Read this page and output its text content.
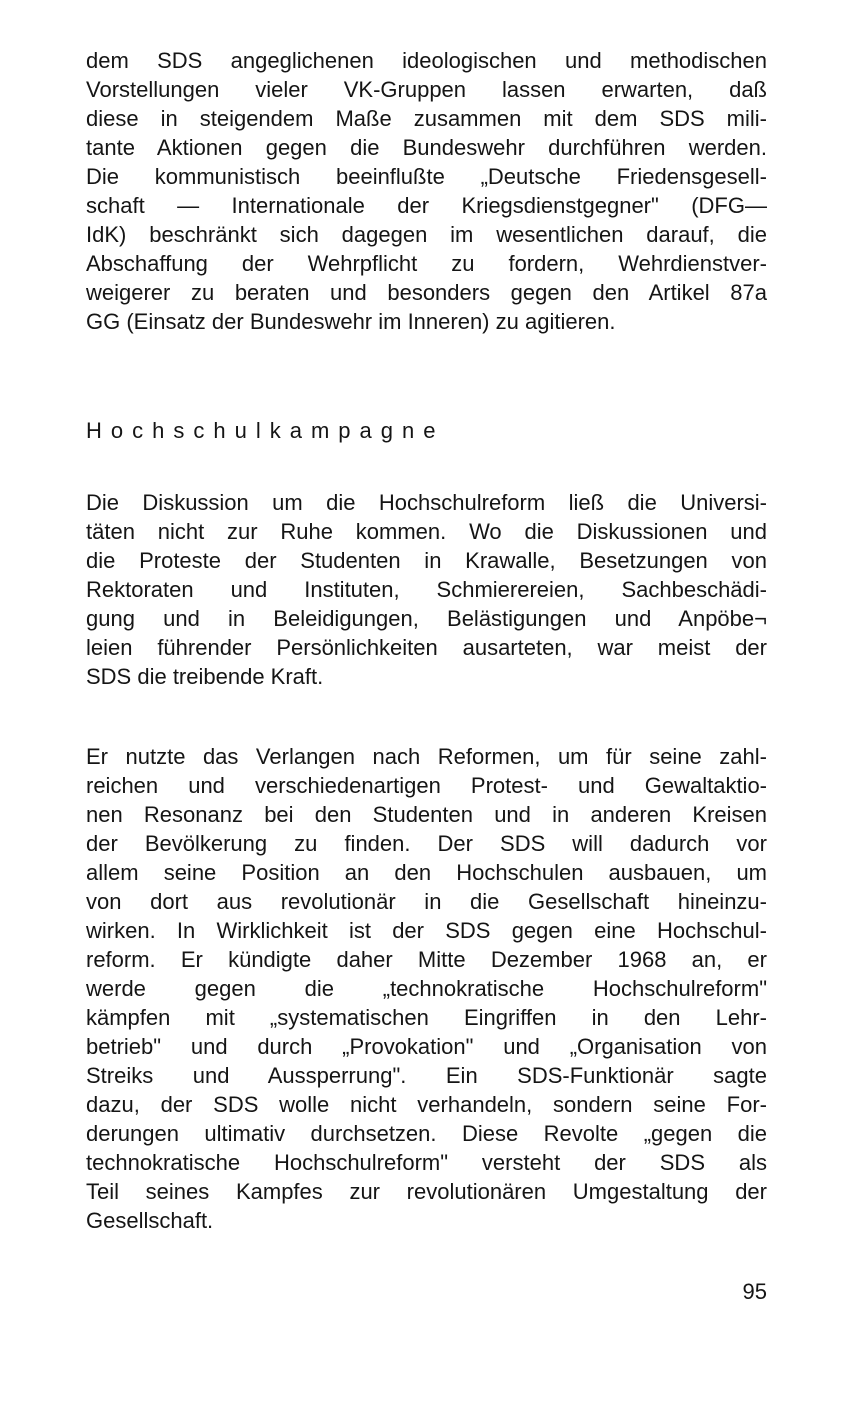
dem SDS angeglichenen ideologischen und methodischen
Vorstellungen vieler VK-Gruppen lassen erwarten, daß
diese in steigendem Maße zusammen mit dem SDS mili-
tante Aktionen gegen die Bundeswehr durchführen werden.
Die kommunistisch beeinflußte „Deutsche Friedensgesell-
schaft — Internationale der Kriegsdienstgegner" (DFG—
IdK) beschränkt sich dagegen im wesentlichen darauf, die
Abschaffung der Wehrpflicht zu fordern, Wehrdienstver-
weigerer zu beraten und besonders gegen den Artikel 87a
GG (Einsatz der Bundeswehr im Inneren) zu agitieren.
Hochschulkampagne
Die Diskussion um die Hochschulreform ließ die Universi-
täten nicht zur Ruhe kommen. Wo die Diskussionen und
die Proteste der Studenten in Krawalle, Besetzungen von
Rektoraten und Instituten, Schmierereien, Sachbeschädi-
gung und in Beleidigungen, Belästigungen und Anpöbe¬
leien führender Persönlichkeiten ausarteten, war meist der
SDS die treibende Kraft.
Er nutzte das Verlangen nach Reformen, um für seine zahl-
reichen und verschiedenartigen Protest- und Gewaltaktio-
nen Resonanz bei den Studenten und in anderen Kreisen
der Bevölkerung zu finden. Der SDS will dadurch vor
allem seine Position an den Hochschulen ausbauen, um
von dort aus revolutionär in die Gesellschaft hineinzu-
wirken. In Wirklichkeit ist der SDS gegen eine Hochschul-
reform. Er kündigte daher Mitte Dezember 1968 an, er
werde gegen die „technokratische Hochschulreform"
kämpfen mit „systematischen Eingriffen in den Lehr-
betrieb" und durch „Provokation" und „Organisation von
Streiks und Aussperrung". Ein SDS-Funktionär sagte
dazu, der SDS wolle nicht verhandeln, sondern seine For-
derungen ultimativ durchsetzen. Diese Revolte „gegen die
technokratische Hochschulreform" versteht der SDS als
Teil seines Kampfes zur revolutionären Umgestaltung der
Gesellschaft.
95
